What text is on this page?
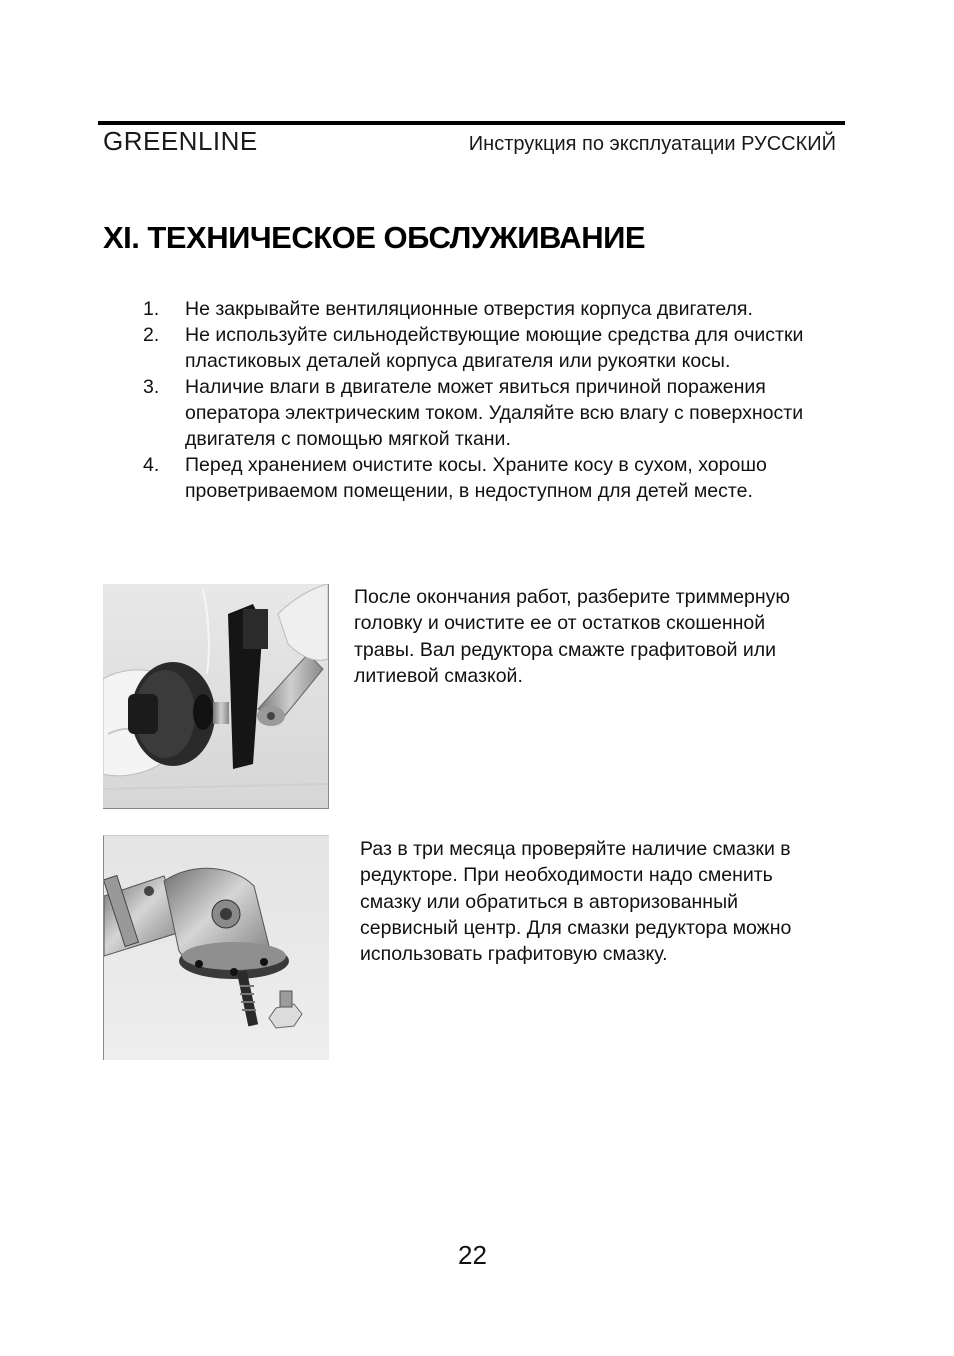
GREENLINE	Инструкция по эксплуатации РУССКИЙ
XI. ТЕХНИЧЕСКОЕ ОБСЛУЖИВАНИЕ
1. Не закрывайте вентиляционные отверстия корпуса двигателя.
2. Не используйте сильнодействующие моющие средства для очистки пластиковых деталей корпуса двигателя или рукоятки косы.
3. Наличие влаги в двигателе может явиться причиной поражения оператора электрическим током. Удаляйте всю влагу с поверхности двигателя с помощью мягкой ткани.
4. Перед хранением очистите косы. Храните косу в сухом, хорошо проветриваемом помещении, в недоступном для детей месте.
После окончания работ, разберите триммерную головку и очистите ее от остатков скошенной травы. Вал редуктора смажте графитовой или литиевой смазкой.
Раз в три месяца проверяйте наличие смазки в редукторе. При необходимости надо сменить смазку или обратиться в авторизованный сервисный центр. Для смазки редуктора можно использовать графитовую смазку.
22
